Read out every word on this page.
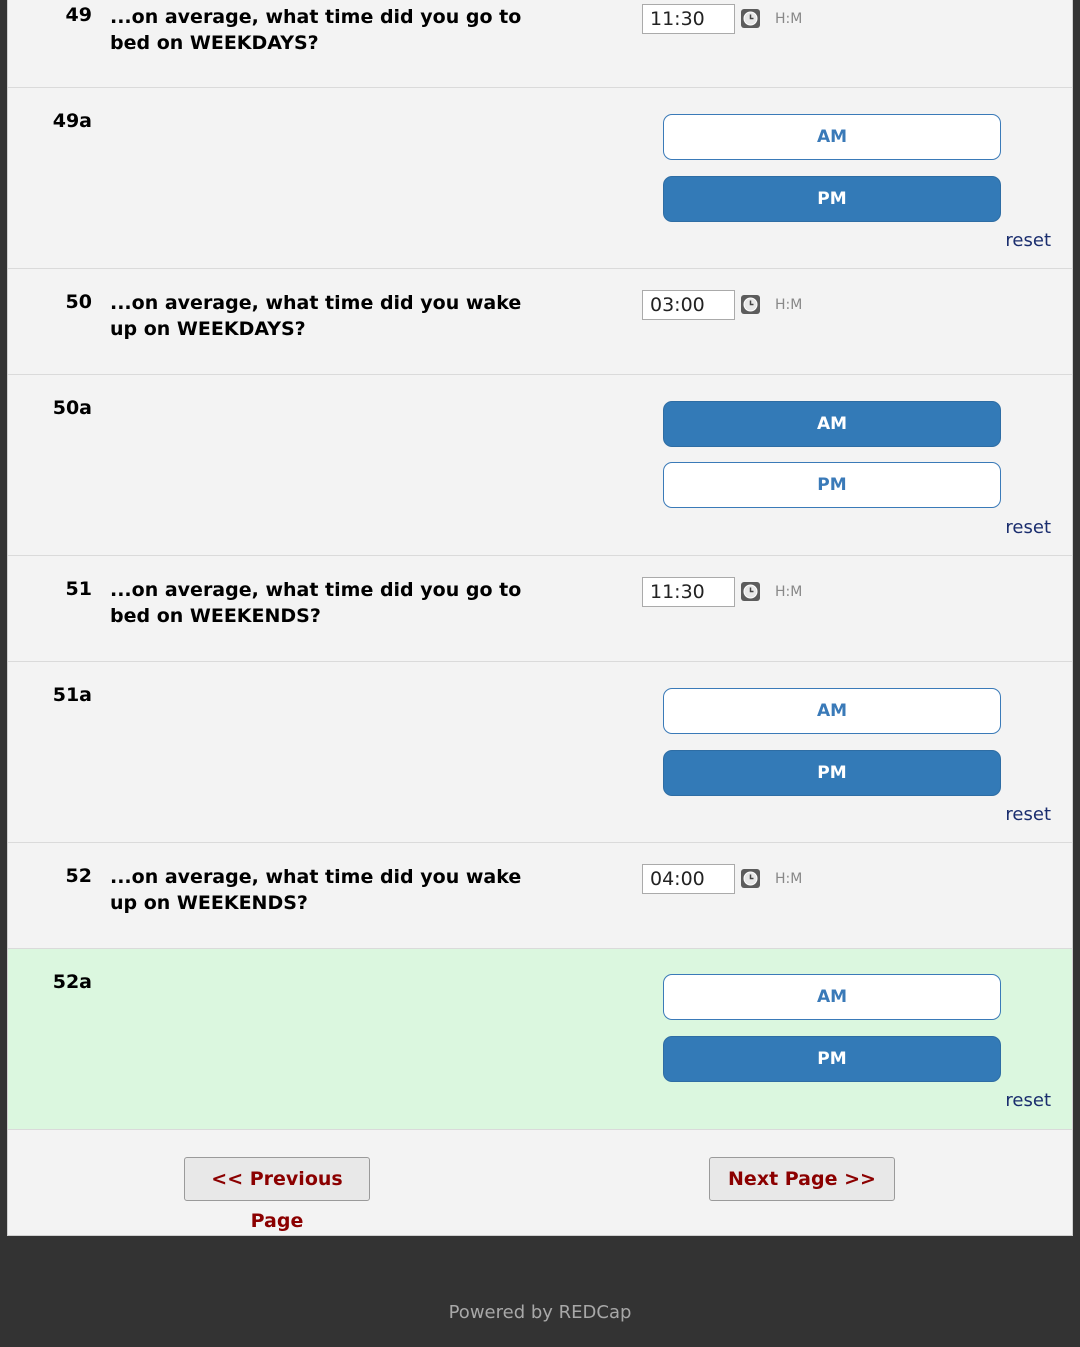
49 ...on average, what time did you go to bed on WEEKDAYS?
11:30
H:M
49a
AM
PM
reset
50 ...on average, what time did you wake up on WEEKDAYS?
03:00
H:M
50a
AM
PM
reset
51 ...on average, what time did you go to bed on WEEKENDS?
11:30
H:M
51a
AM
PM
reset
52 ...on average, what time did you wake up on WEEKENDS?
04:00
H:M
52a
AM
PM
reset
<< Previous Page
Next Page >>
Powered by REDCap
